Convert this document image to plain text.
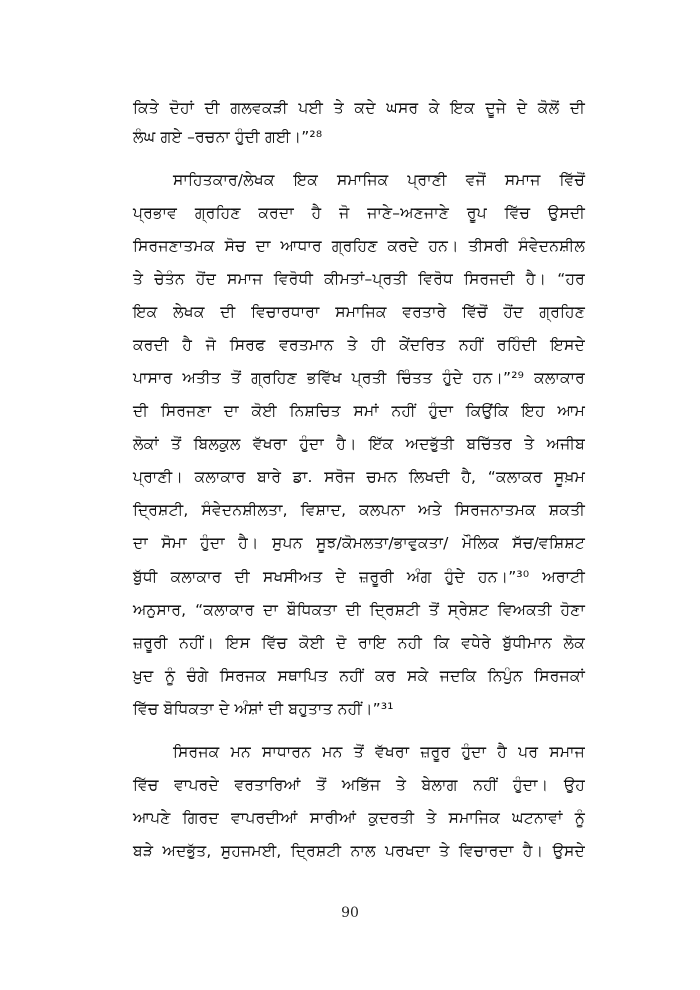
ਕਿਤੇ ਦੋਹਾਂ ਦੀ ਗਲਵਕੜੀ ਪਈ ਤੇ ਕਦੇ ਘਸਰ ਕੇ ਇਕ ਦੂਜੇ ਦੇ ਕੋਲੋਂ ਦੀ
ਲੰਘ ਗਏ –ਰਚਨਾ ਹੁੰਦੀ ਗਈ।”²⁸
ਸਾਹਿਤਕਾਰ/ਲੇਖਕ ਇਕ ਸਮਾਜਿਕ ਪ੍ਰਾਣੀ ਵਜੋਂ ਸਮਾਜ ਵਿੱਚੋਂ
ਪ੍ਰਭਾਵ ਗ੍ਰਹਿਣ ਕਰਦਾ ਹੈ ਜੋ ਜਾਣੇ–ਅਣਜਾਣੇ ਰੂਪ ਵਿੱਚ ਉਸਦੀ
ਸਿਰਜਣਾਤਮਕ ਸੋਚ ਦਾ ਆਧਾਰ ਗ੍ਰਹਿਣ ਕਰਦੇ ਹਨ। ਤੀਸਰੀ ਸੰਵੇਦਨਸ਼ੀਲ
ਤੇ ਚੇਤੰਨ ਹੋਂਦ ਸਮਾਜ ਵਿਰੋਧੀ ਕੀਮਤਾਂ–ਪ੍ਰਤੀ ਵਿਰੋਧ ਸਿਰਜਦੀ ਹੈ। “ਹਰ
ਇਕ ਲੇਖਕ ਦੀ ਵਿਚਾਰਧਾਰਾ ਸਮਾਜਿਕ ਵਰਤਾਰੇ ਵਿੱਚੋਂ ਹੋਂਦ ਗ੍ਰਹਿਣ
ਕਰਦੀ ਹੈ ਜੋ ਸਿਰਫ ਵਰਤਮਾਨ ਤੇ ਹੀ ਕੇਂਦਰਿਤ ਨਹੀਂ ਰਹਿੰਦੀ ਇਸਦੇ
ਪਾਸਾਰ ਅਤੀਤ ਤੋਂ ਗ੍ਰਹਿਣ ਭਵਿੱਖ ਪ੍ਰਤੀ ਚਿੰਤਤ ਹੁੰਦੇ ਹਨ।”²⁹ ਕਲਾਕਾਰ
ਦੀ ਸਿਰਜਣਾ ਦਾ ਕੋਈ ਨਿਸ਼ਚਿਤ ਸਮਾਂ ਨਹੀਂ ਹੁੰਦਾ ਕਿਉਂਕਿ ਇਹ ਆਮ
ਲੋਕਾਂ ਤੋਂ ਬਿਲਕੁਲ ਵੱਖਰਾ ਹੁੰਦਾ ਹੈ। ਇੱਕ ਅਦਭੁੱਤੀ ਬਚਿੱਤਰ ਤੇ ਅਜੀਬ
ਪ੍ਰਾਣੀ। ਕਲਾਕਾਰ ਬਾਰੇ ਡਾ. ਸਰੋਜ ਚਮਨ ਲਿਖਦੀ ਹੈ, “ਕਲਾਕਰ ਸੂਖ਼ਮ
ਦ੍ਰਿਸ਼ਟੀ, ਸੰਵੇਦਨਸ਼ੀਲਤਾ, ਵਿਸ਼ਾਦ, ਕਲਪਨਾ ਅਤੇ ਸਿਰਜਨਾਤਮਕ ਸ਼ਕਤੀ
ਦਾ ਸੋਮਾ ਹੁੰਦਾ ਹੈ। ਸੁਪਨ ਸੂਝ/ਕੋਮਲਤਾ/ਭਾਵੁਕਤਾ/ ਮੌਲਿਕ ਸੱਚ/ਵਸ਼ਿਸ਼ਟ
ਬੁੱਧੀ ਕਲਾਕਾਰ ਦੀ ਸਖਸੀਅਤ ਦੇ ਜ਼ਰੂਰੀ ਅੰਗ ਹੁੰਦੇ ਹਨ।”³⁰ ਅਰਾਟੀ
ਅਨੁਸਾਰ, “ਕਲਾਕਾਰ ਦਾ ਬੌਧਿਕਤਾ ਦੀ ਦ੍ਰਿਸ਼ਟੀ ਤੋਂ ਸ੍ਰੇਸ਼ਟ ਵਿਅਕਤੀ ਹੋਣਾ
ਜ਼ਰੂਰੀ ਨਹੀਂ। ਇਸ ਵਿੱਚ ਕੋਈ ਦੋ ਰਾਇ ਨਹੀ ਕਿ ਵਧੇਰੇ ਬੁੱਧੀਮਾਨ ਲੋਕ
ਖ਼ੁਦ ਨੂੰ ਚੰਗੇ ਸਿਰਜਕ ਸਥਾਪਿਤ ਨਹੀਂ ਕਰ ਸਕੇ ਜਦਕਿ ਨਿਪੁੰਨ ਸਿਰਜਕਾਂ
ਵਿੱਚ ਬੋਧਿਕਤਾ ਦੇ ਅੰਸ਼ਾਂ ਦੀ ਬਹੁਤਾਤ ਨਹੀਂ।”³¹
ਸਿਰਜਕ ਮਨ ਸਾਧਾਰਨ ਮਨ ਤੋਂ ਵੱਖਰਾ ਜ਼ਰੂਰ ਹੁੰਦਾ ਹੈ ਪਰ ਸਮਾਜ
ਵਿੱਚ ਵਾਪਰਦੇ ਵਰਤਾਰਿਆਂ ਤੋਂ ਅਭਿੱਜ ਤੇ ਬੇਲਾਗ ਨਹੀਂ ਹੁੰਦਾ। ਉਹ
ਆਪਣੇ ਗਿਰਦ ਵਾਪਰਦੀਆਂ ਸਾਰੀਆਂ ਕੁਦਰਤੀ ਤੇ ਸਮਾਜਿਕ ਘਟਨਾਵਾਂ ਨੂੰ
ਬੜੇ ਅਦਭੁੱਤ, ਸੁਹਜਮਈ, ਦ੍ਰਿਸ਼ਟੀ ਨਾਲ ਪਰਖਦਾ ਤੇ ਵਿਚਾਰਦਾ ਹੈ। ਉਸਦੇ
90
